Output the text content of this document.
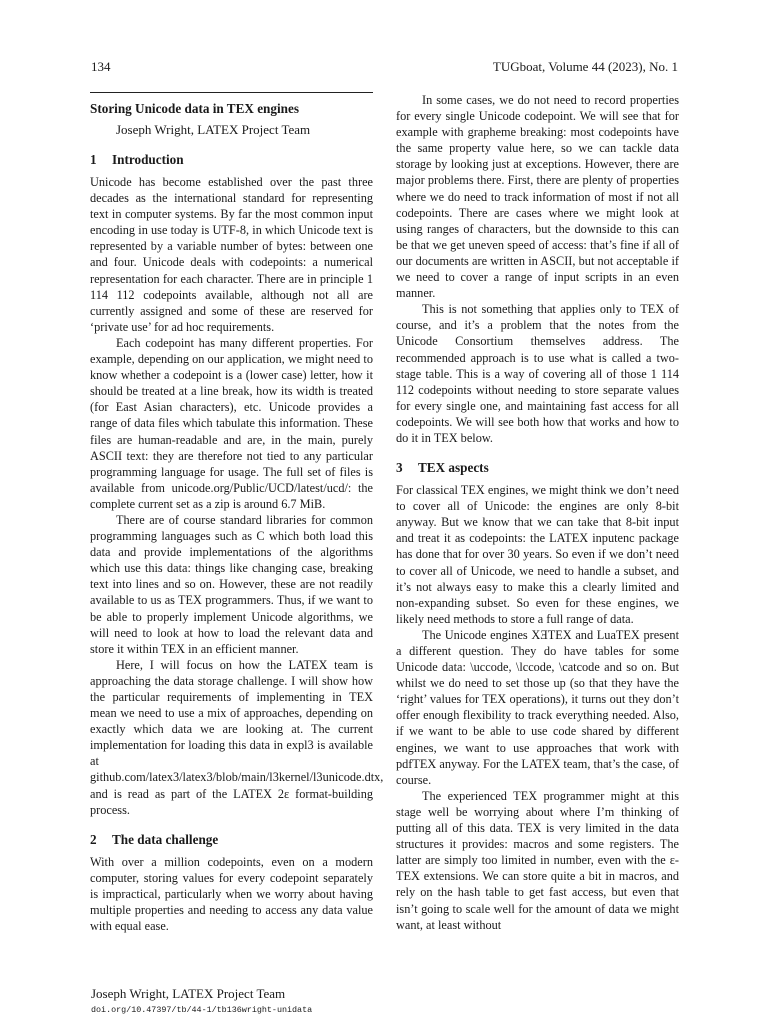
134	TUGboat, Volume 44 (2023), No. 1
Storing Unicode data in TEX engines
Joseph Wright, LATEX Project Team
1 Introduction

Unicode has become established over the past three decades as the international standard for representing text in computer systems. By far the most common input encoding in use today is UTF-8, in which Unicode text is represented by a variable number of bytes: between one and four. Unicode deals with codepoints: a numerical representation for each character. There are in principle 1 114 112 codepoints available, although not all are currently assigned and some of these are reserved for ‘private use’ for ad hoc requirements.

Each codepoint has many different properties. For example, depending on our application, we might need to know whether a codepoint is a (lower case) letter, how it should be treated at a line break, how its width is treated (for East Asian characters), etc. Unicode provides a range of data files which tabulate this information. These files are human-readable and are, in the main, purely ASCII text: they are therefore not tied to any particular programming language for usage. The full set of files is available from unicode.org/Public/UCD/latest/ucd/: the complete current set as a zip is around 6.7 MiB.

There are of course standard libraries for common programming languages such as C which both load this data and provide implementations of the algorithms which use this data: things like changing case, breaking text into lines and so on. However, these are not readily available to us as TEX programmers. Thus, if we want to be able to properly implement Unicode algorithms, we will need to look at how to load the relevant data and store it within TEX in an efficient manner.

Here, I will focus on how the LATEX team is approaching the data storage challenge. I will show how the particular requirements of implementing in TEX mean we need to use a mix of approaches, depending on exactly which data we are looking at. The current implementation for loading this data in expl3 is available at github.com/latex3/latex3/blob/main/l3kernel/l3unicode.dtx, and is read as part of the LATEX 2ε format-building process.

2 The data challenge

With over a million codepoints, even on a modern computer, storing values for every codepoint separately is impractical, particularly when we worry about having multiple properties and needing to access any data value with equal ease.

In some cases, we do not need to record properties for every single Unicode codepoint. We will see that for example with grapheme breaking: most codepoints have the same property value here, so we can tackle data storage by looking just at exceptions. However, there are major problems there. First, there are plenty of properties where we do need to track information of most if not all codepoints. There are cases where we might look at using ranges of characters, but the downside to this can be that we get uneven speed of access: that’s fine if all of our documents are written in ASCII, but not acceptable if we need to cover a range of input scripts in an even manner.

This is not something that applies only to TEX of course, and it’s a problem that the notes from the Unicode Consortium themselves address. The recommended approach is to use what is called a two-stage table. This is a way of covering all of those 1 114 112 codepoints without needing to store separate values for every single one, and maintaining fast access for all codepoints. We will see both how that works and how to do it in TEX below.

3 TEX aspects

For classical TEX engines, we might think we don’t need to cover all of Unicode: the engines are only 8-bit anyway. But we know that we can take that 8-bit input and treat it as codepoints: the LATEX inputenc package has done that for over 30 years. So even if we don’t need to cover all of Unicode, we need to handle a subset, and it’s not always easy to make this a clearly limited and non-expanding subset. So even for these engines, we likely need methods to store a full range of data.

The Unicode engines XƎTEX and LuaTEX present a different question. They do have tables for some Unicode data: \uccode, \lccode, \catcode and so on. But whilst we do need to set those up (so that they have the ‘right’ values for TEX operations), it turns out they don’t offer enough flexibility to track everything needed. Also, if we want to be able to use code shared by different engines, we want to use approaches that work with pdfTEX anyway. For the LATEX team, that’s the case, of course.

The experienced TEX programmer might at this stage well be worrying about where I’m thinking of putting all of this data. TEX is very limited in the data structures it provides: macros and some registers. The latter are simply too limited in number, even with the ε-TEX extensions. We can store quite a bit in macros, and rely on the hash table to get fast access, but even that isn’t going to scale well for the amount of data we might want, at least without

Joseph Wright, LATEX Project Team
doi.org/10.47397/tb/44-1/tb136wright-unidata
